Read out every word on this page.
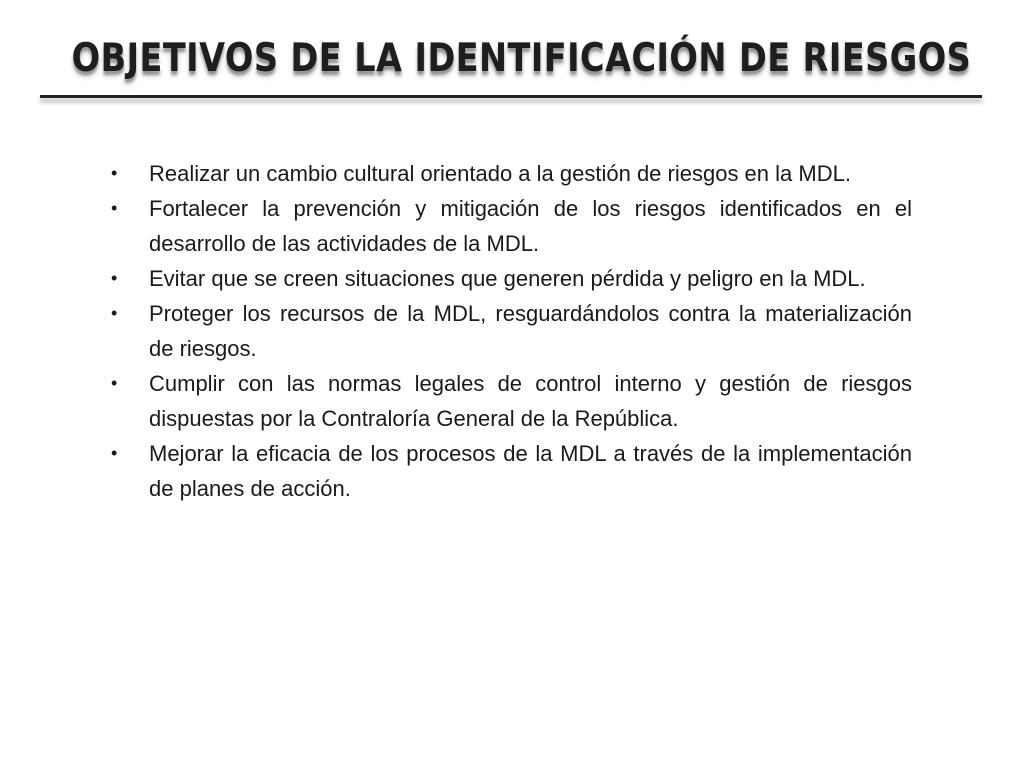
OBJETIVOS DE LA IDENTIFICACIÓN DE RIESGOS
•	Realizar un cambio cultural orientado a la gestión de riesgos en la MDL.
•	Fortalecer la prevención y mitigación de los riesgos identificados en el desarrollo de las actividades de la MDL.
•	Evitar que se creen situaciones que generen pérdida y peligro en la MDL.
•	Proteger los recursos de la MDL, resguardándolos contra la materialización de riesgos.
•	Cumplir con las normas legales de control interno y gestión de riesgos dispuestas por la Contraloría General de la República.
•	Mejorar la eficacia de los procesos de la MDL a través de la implementación de planes de acción.
